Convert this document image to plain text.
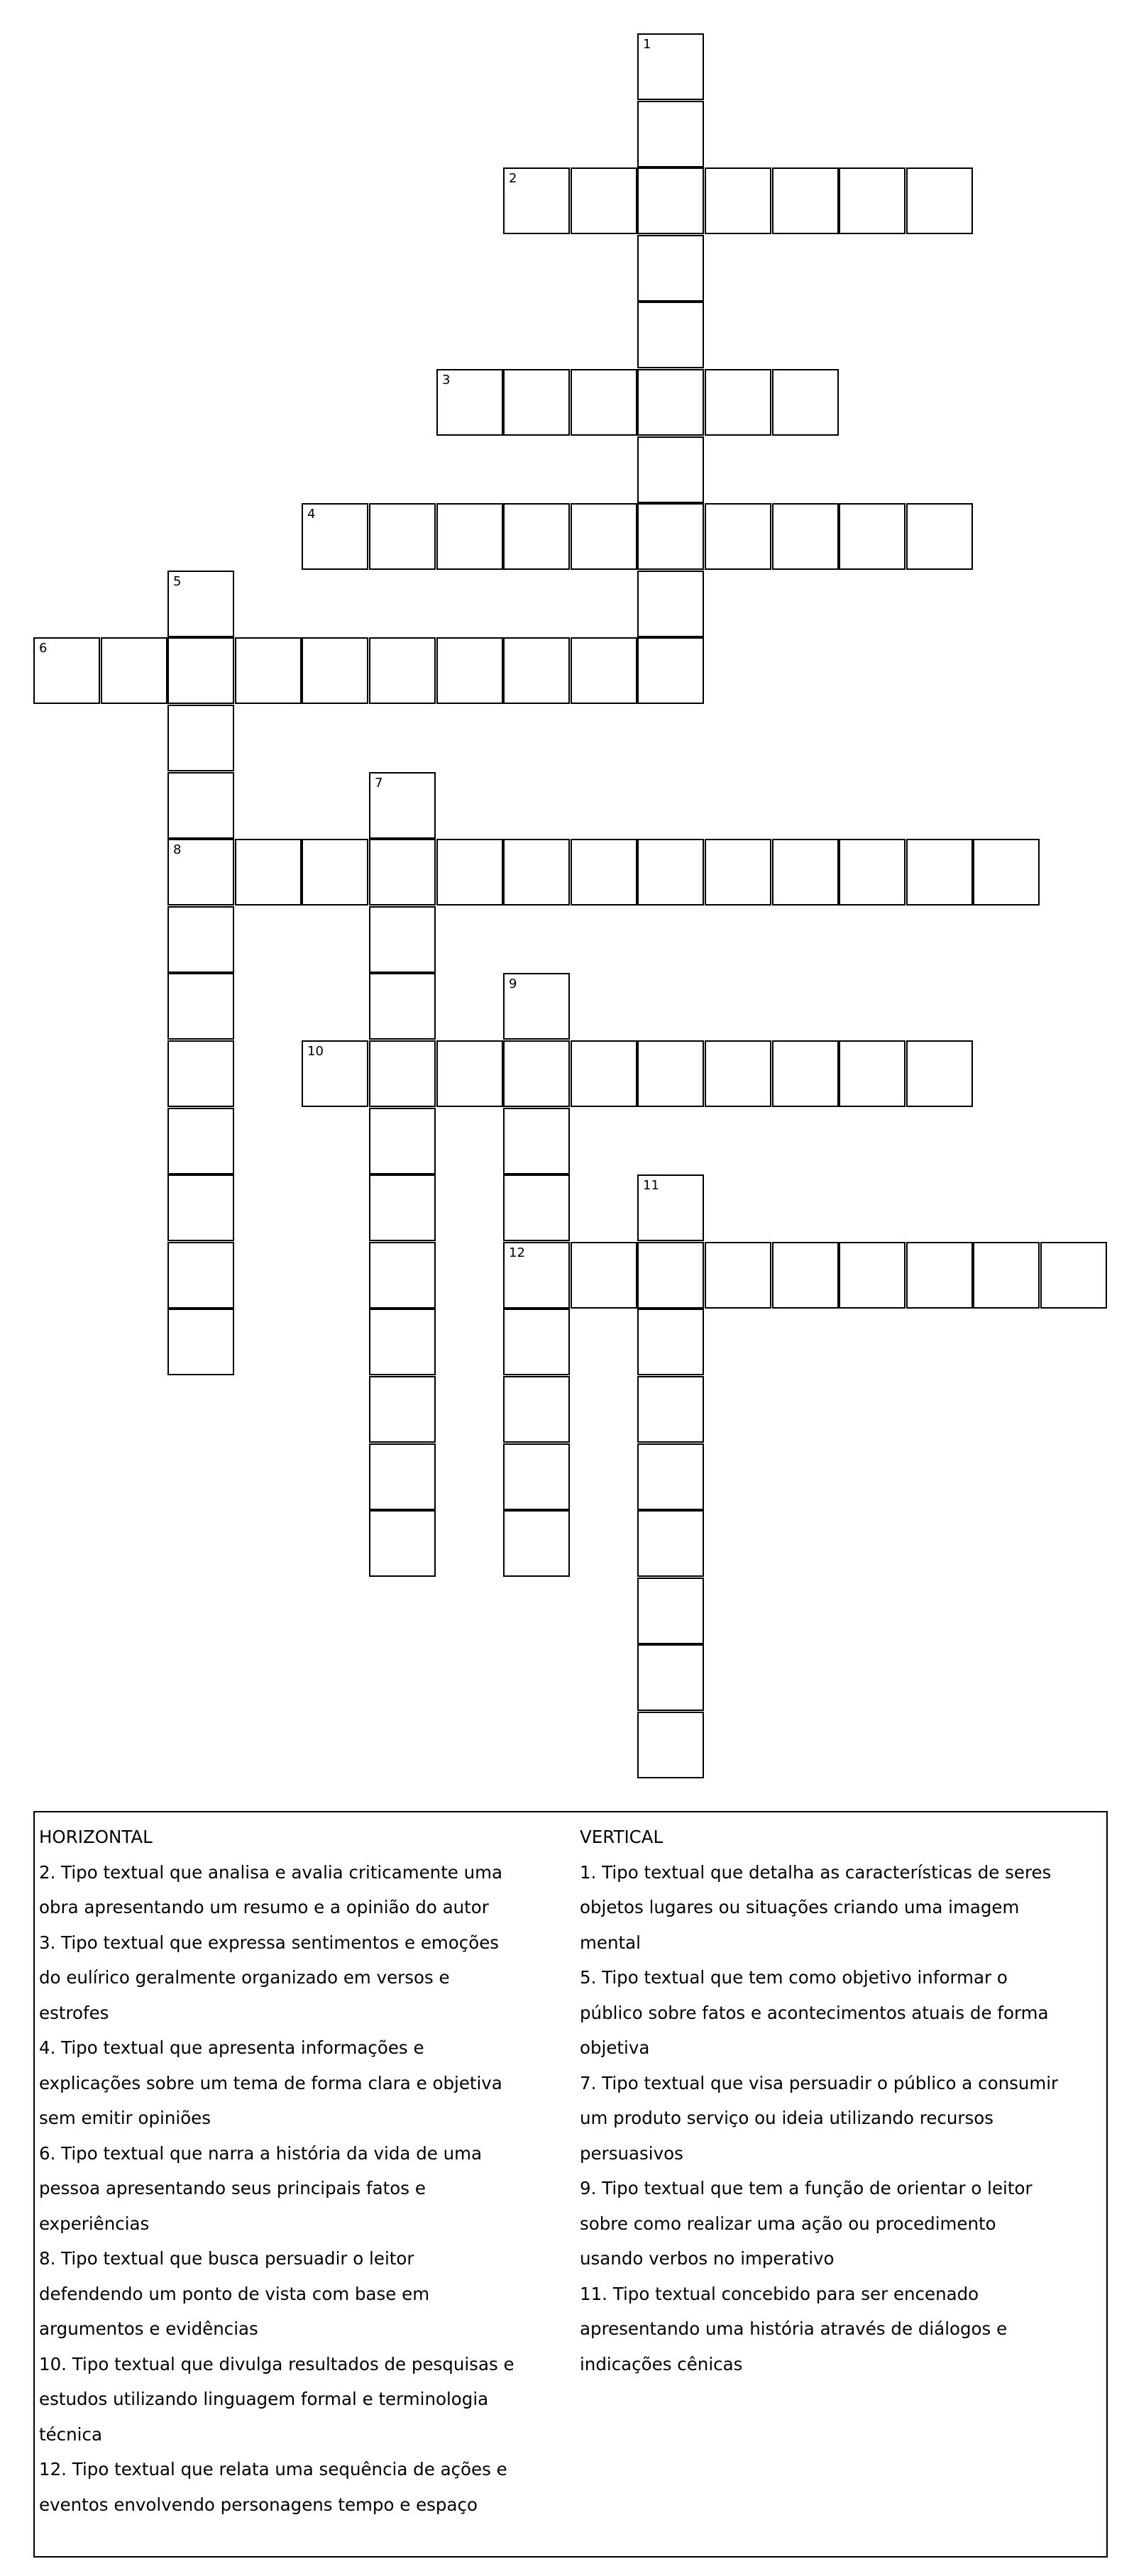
1
2
3
4
5
6
7
8
9
10
11
12
HORIZONTAL
2. Tipo textual que analisa e avalia criticamente uma
obra apresentando um resumo e a opinião do autor
3. Tipo textual que expressa sentimentos e emoções
do eulírico geralmente organizado em versos e
estrofes
4. Tipo textual que apresenta informações e
explicações sobre um tema de forma clara e objetiva
sem emitir opiniões
6. Tipo textual que narra a história da vida de uma
pessoa apresentando seus principais fatos e
experiências
8. Tipo textual que busca persuadir o leitor
defendendo um ponto de vista com base em
argumentos e evidências
10. Tipo textual que divulga resultados de pesquisas e
estudos utilizando linguagem formal e terminologia
técnica
12. Tipo textual que relata uma sequência de ações e
eventos envolvendo personagens tempo e espaço
VERTICAL
1. Tipo textual que detalha as características de seres
objetos lugares ou situações criando uma imagem
mental
5. Tipo textual que tem como objetivo informar o
público sobre fatos e acontecimentos atuais de forma
objetiva
7. Tipo textual que visa persuadir o público a consumir
um produto serviço ou ideia utilizando recursos
persuasivos
9. Tipo textual que tem a função de orientar o leitor
sobre como realizar uma ação ou procedimento
usando verbos no imperativo
11. Tipo textual concebido para ser encenado
apresentando uma história através de diálogos e
indicações cênicas
